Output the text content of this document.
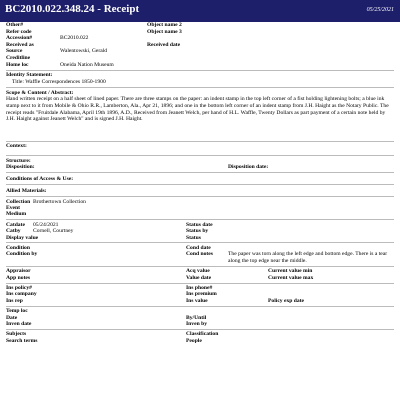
BC2010.022.348.24 - Receipt	05/25/2021
Other#	Object name 2
Refer code	Object name 3
Accession#	BC2010.022
Received as	Received date
Source	Walentowski, Gerald
Creditline
Home loc	Oneida Nation Museum
Identity Statement:
Title: Waffle Correspondences 1850-1900
Scope & Content / Abstract:

Hand written receipt on a half sheet of lined paper. There are three stamps on the paper: an indent stamp in the top left corner of a fist holding lightening bolts; a blue ink stamp next to it from Mobile & Ohio R.R., Lamberton, Ala., Apr 21, 1896; and one in the bottom left corner of an indent stamp from J.H. Haight as the Notary Public. The receipt reads "Fruitdale Alabama, April 19th 1896, A.D., Received from Jeanett Welch, per hand of H.L. Waffle, Twenty Dollars as part payment of a certain note held by J.H. Haight against Jeanett Welch" and is signed J.H. Haight.

Context:
Structure:
Disposition:	Disposition date:
Conditions of Access & Use:
Allied Materials:
Collection Brothertown Collection
Event
Medium
Catdate 05/24/2021	Status date
Catby Cornell, Courtney	Status by
Display value	Status
Condition	Cond date
Condition by	Cond notes	The paper was torn along the left edge and bottom edge. There is a tear along the top edge near the middle.
Appraisor	Acq value	Current value min
App notes	Value date	Current value max
Ins policy#	Ins phone#
Ins company	Ins premium
Ins rep	Ins value	Policy exp date
Temp loc
Date	By/Until
Inven date	Inven by
Subjects	Classification
Search terms	People
